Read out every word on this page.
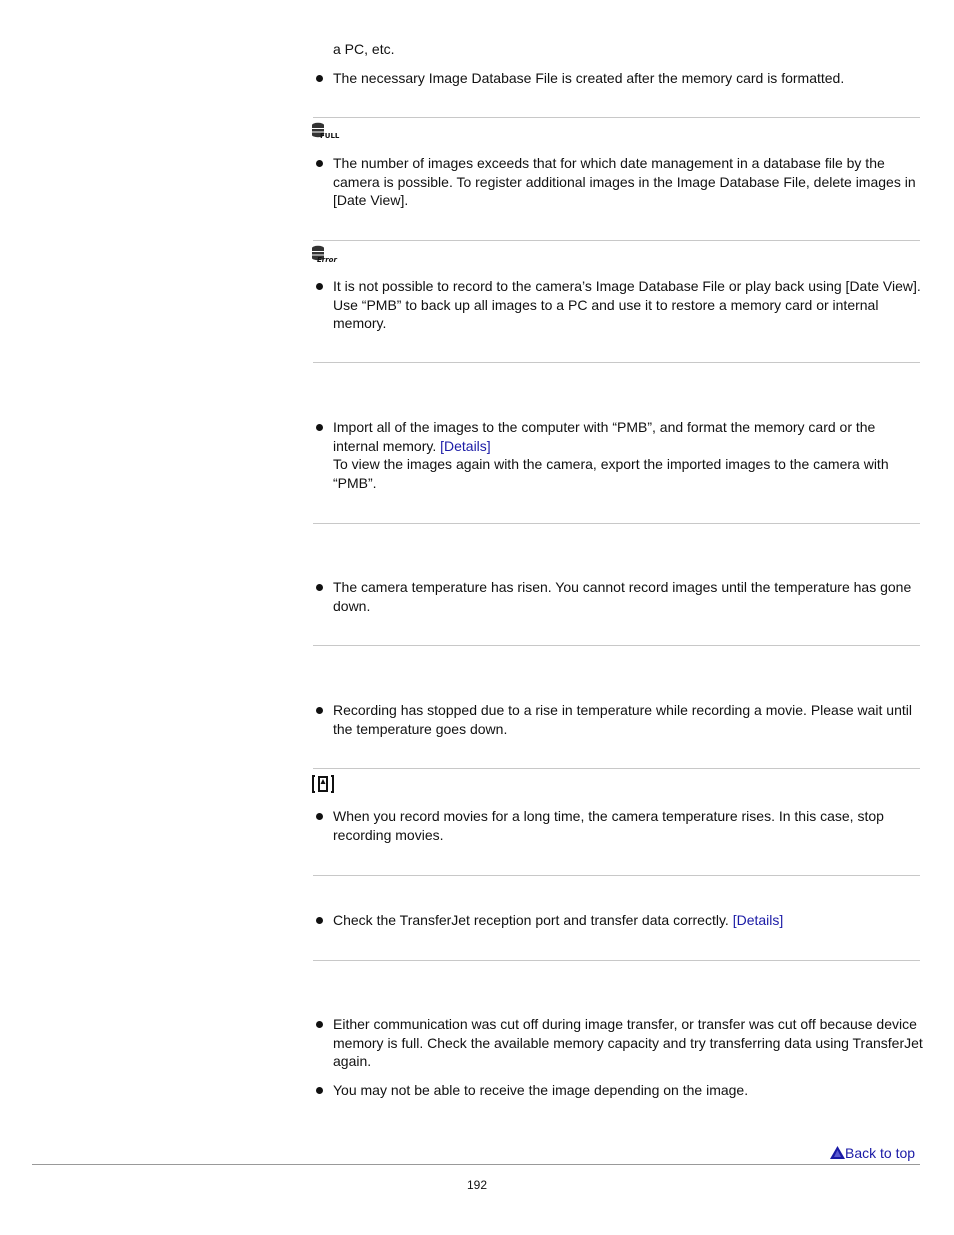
a PC, etc.
The necessary Image Database File is created after the memory card is formatted.
FULL
The number of images exceeds that for which date management in a database file by the camera is possible. To register additional images in the Image Database File, delete images in [Date View].
Error
It is not possible to record to the camera’s Image Database File or play back using [Date View]. Use “PMB” to back up all images to a PC and use it to restore a memory card or internal memory.
Import all of the images to the computer with “PMB”, and format the memory card or the internal memory. [Details]
To view the images again with the camera, export the imported images to the camera with “PMB”.
The camera temperature has risen. You cannot record images until the temperature has gone down.
Recording has stopped due to a rise in temperature while recording a movie. Please wait until the temperature goes down.
When you record movies for a long time, the camera temperature rises. In this case, stop recording movies.
Check the TransferJet reception port and transfer data correctly. [Details]
Either communication was cut off during image transfer, or transfer was cut off because device memory is full. Check the available memory capacity and try transferring data using TransferJet again.
You may not be able to receive the image depending on the image.
Back to top
192
